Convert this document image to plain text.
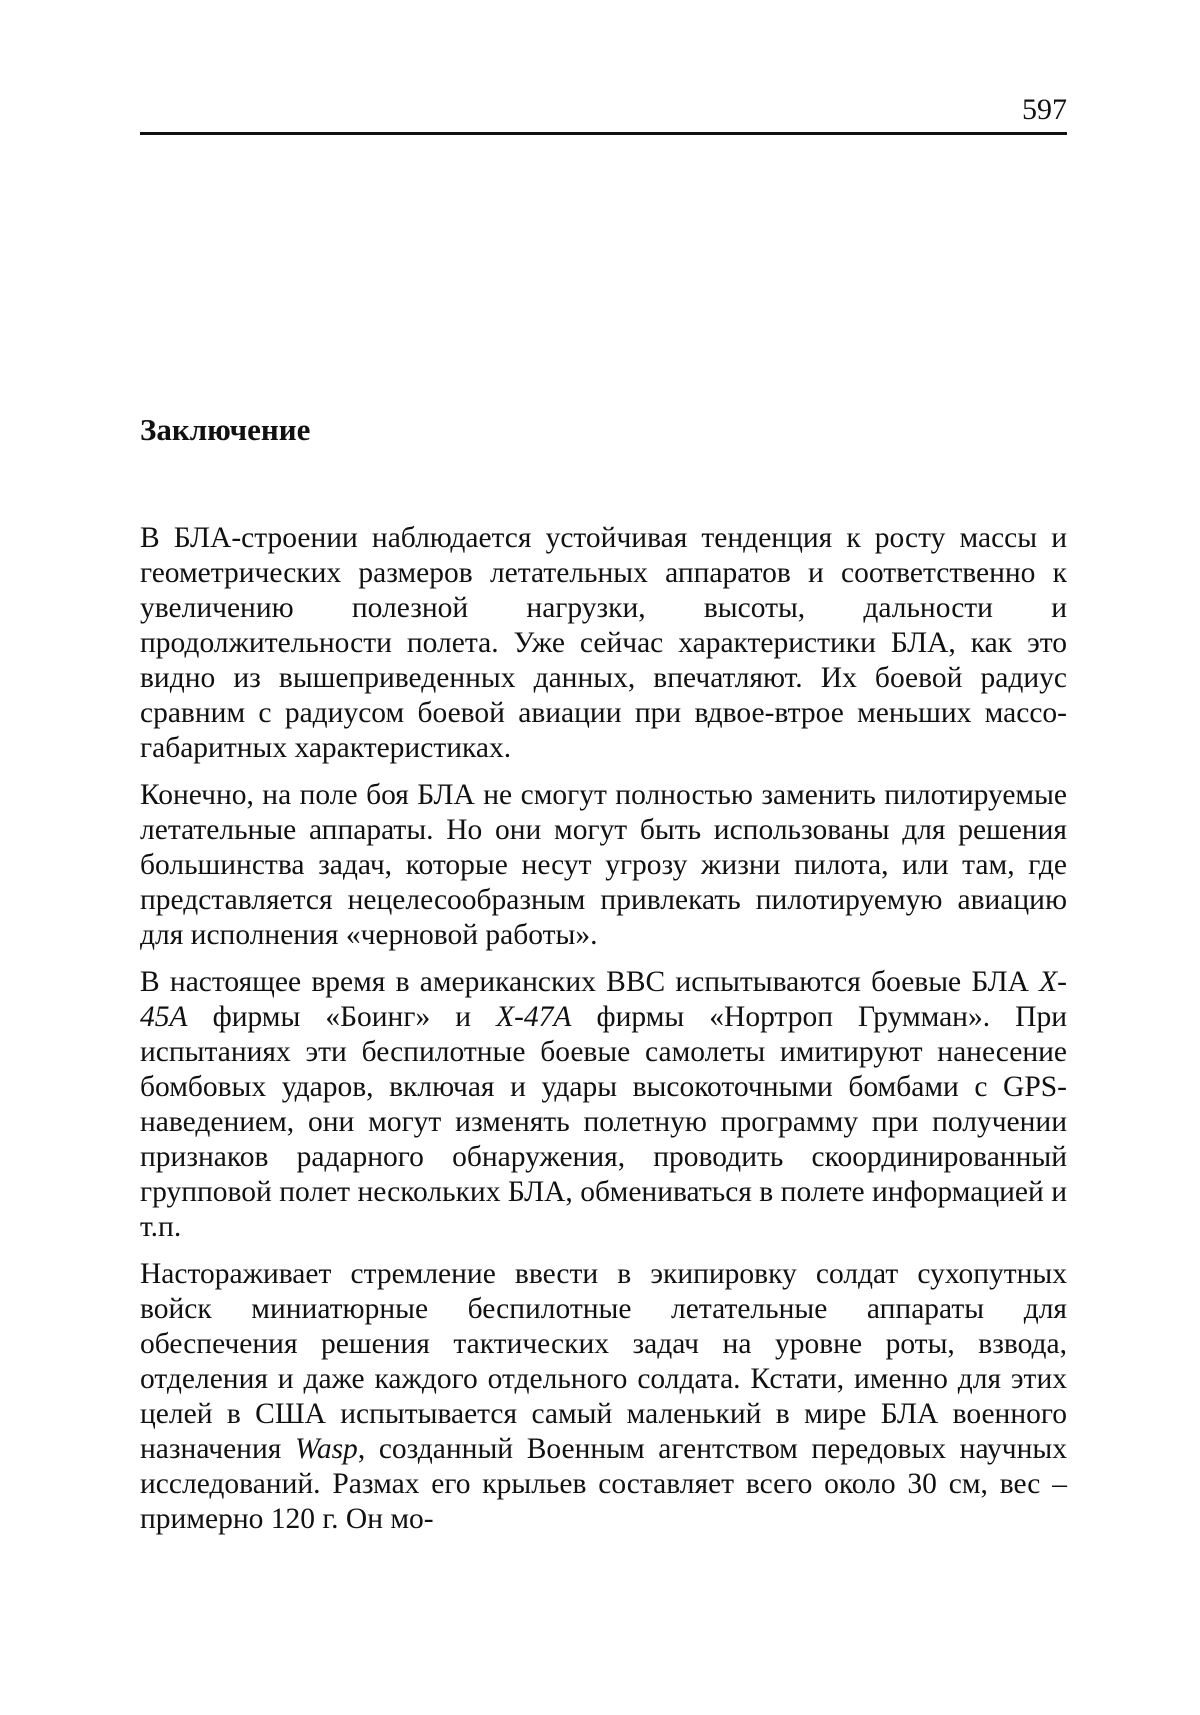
597
Заключение

В БЛА-строении наблюдается устойчивая тенденция к росту массы и геометрических размеров летательных аппаратов и соответственно к увеличению полезной нагрузки, высоты, дальности и продолжительности полета. Уже сейчас характеристики БЛА, как это видно из вышеприведенных данных, впечатляют. Их боевой радиус сравним с радиусом боевой авиации при вдвое-втрое меньших массо-габаритных характеристиках.

Конечно, на поле боя БЛА не смогут полностью заменить пилотируемые летательные аппараты. Но они могут быть использованы для решения большинства задач, которые несут угрозу жизни пилота, или там, где представляется нецелесообразным привлекать пилотируемую авиацию для исполнения «черновой работы».

В настоящее время в американских ВВС испытываются боевые БЛА X-45A фирмы «Боинг» и X-47A фирмы «Нортроп Грумман». При испытаниях эти беспилотные боевые самолеты имитируют нанесение бомбовых ударов, включая и удары высокоточными бомбами с GPS-наведением, они могут изменять полетную программу при получении признаков радарного обнаружения, проводить скоординированный групповой полет нескольких БЛА, обмениваться в полете информацией и т.п.

Настораживает стремление ввести в экипировку солдат сухопутных войск миниатюрные беспилотные летательные аппараты для обеспечения решения тактических задач на уровне роты, взвода, отделения и даже каждого отдельного солдата. Кстати, именно для этих целей в США испытывается самый маленький в мире БЛА военного назначения Wasp, созданный Военным агентством передовых научных исследований. Размах его крыльев составляет всего около 30 см, вес – примерно 120 г. Он мо-
